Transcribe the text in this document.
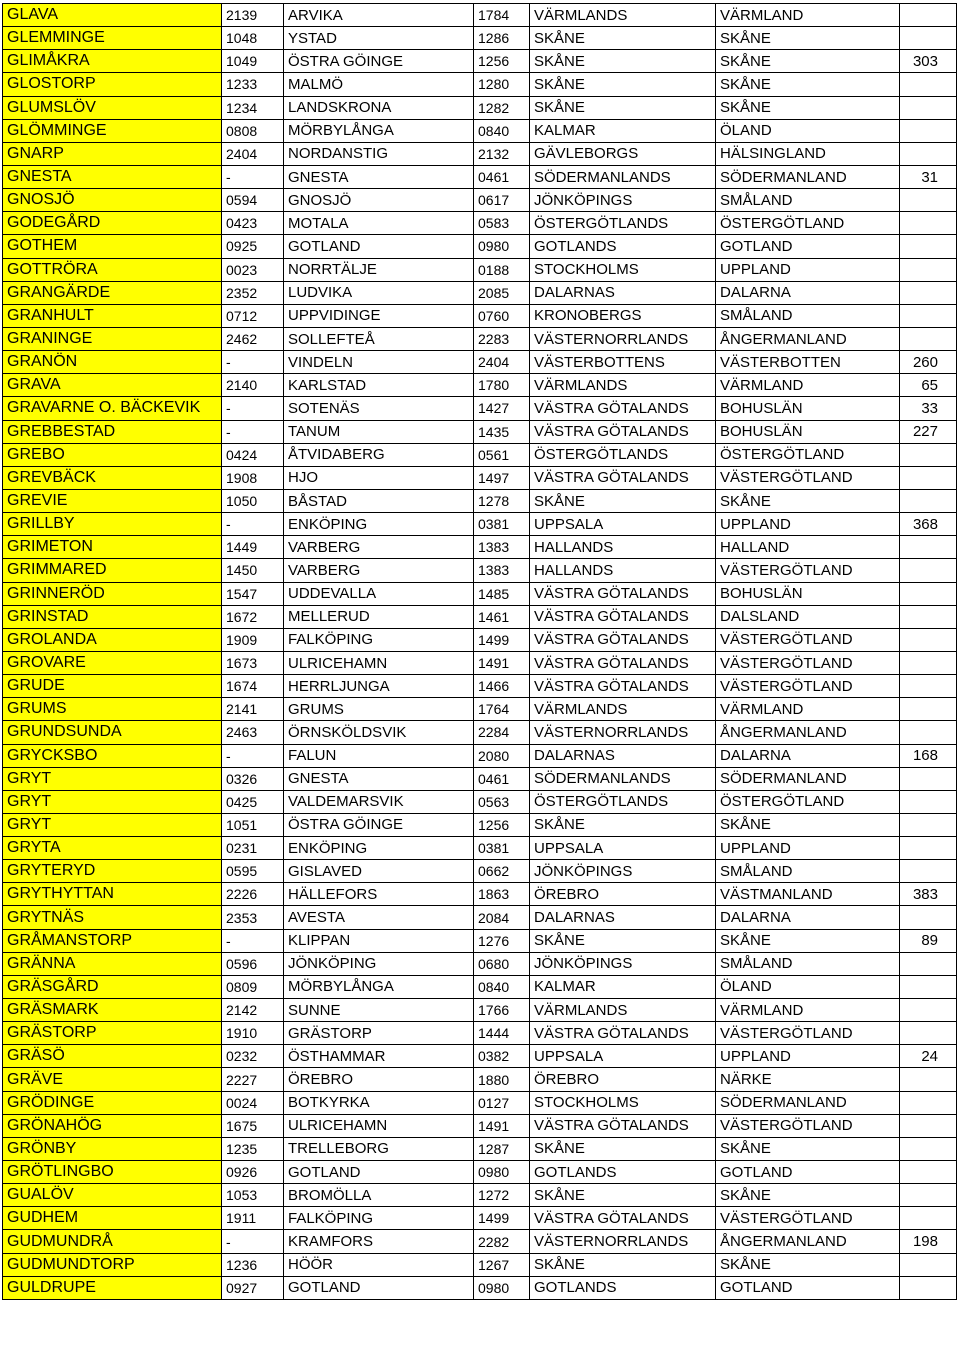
GLAVA	2139	ARVIKA	1784	VÄRMLANDS	VÄRMLAND	
GLEMMINGE	1048	YSTAD	1286	SKÅNE	SKÅNE	
GLIMÅKRA	1049	ÖSTRA GÖINGE	1256	SKÅNE	SKÅNE	303
GLOSTORP	1233	MALMÖ	1280	SKÅNE	SKÅNE	
GLUMSLÖV	1234	LANDSKRONA	1282	SKÅNE	SKÅNE	
GLÖMMINGE	0808	MÖRBYLÅNGA	0840	KALMAR	ÖLAND	
GNARP	2404	NORDANSTIG	2132	GÄVLEBORGS	HÄLSINGLAND	
GNESTA	-	GNESTA	0461	SÖDERMANLANDS	SÖDERMANLAND	31
GNOSJÖ	0594	GNOSJÖ	0617	JÖNKÖPINGS	SMÅLAND	
GODEGÅRD	0423	MOTALA	0583	ÖSTERGÖTLANDS	ÖSTERGÖTLAND	
GOTHEM	0925	GOTLAND	0980	GOTLANDS	GOTLAND	
GOTTRÖRA	0023	NORRTÄLJE	0188	STOCKHOLMS	UPPLAND	
GRANGÄRDE	2352	LUDVIKA	2085	DALARNAS	DALARNA	
GRANHULT	0712	UPPVIDINGE	0760	KRONOBERGS	SMÅLAND	
GRANINGE	2462	SOLLEFTEÅ	2283	VÄSTERNORRLANDS	ÅNGERMANLAND	
GRANÖN	-	VINDELN	2404	VÄSTERBOTTENS	VÄSTERBOTTEN	260
GRAVA	2140	KARLSTAD	1780	VÄRMLANDS	VÄRMLAND	65
GRAVARNE O. BÄCKEVIK	-	SOTENÄS	1427	VÄSTRA GÖTALANDS	BOHUSLÄN	33
GREBBESTAD	-	TANUM	1435	VÄSTRA GÖTALANDS	BOHUSLÄN	227
GREBO	0424	ÅTVIDABERG	0561	ÖSTERGÖTLANDS	ÖSTERGÖTLAND	
GREVBÄCK	1908	HJO	1497	VÄSTRA GÖTALANDS	VÄSTERGÖTLAND	
GREVIE	1050	BÅSTAD	1278	SKÅNE	SKÅNE	
GRILLBY	-	ENKÖPING	0381	UPPSALA	UPPLAND	368
GRIMETON	1449	VARBERG	1383	HALLANDS	HALLAND	
GRIMMARED	1450	VARBERG	1383	HALLANDS	VÄSTERGÖTLAND	
GRINNERÖD	1547	UDDEVALLA	1485	VÄSTRA GÖTALANDS	BOHUSLÄN	
GRINSTAD	1672	MELLERUD	1461	VÄSTRA GÖTALANDS	DALSLAND	
GROLANDA	1909	FALKÖPING	1499	VÄSTRA GÖTALANDS	VÄSTERGÖTLAND	
GROVARE	1673	ULRICEHAMN	1491	VÄSTRA GÖTALANDS	VÄSTERGÖTLAND	
GRUDE	1674	HERRLJUNGA	1466	VÄSTRA GÖTALANDS	VÄSTERGÖTLAND	
GRUMS	2141	GRUMS	1764	VÄRMLANDS	VÄRMLAND	
GRUNDSUNDA	2463	ÖRNSKÖLDSVIK	2284	VÄSTERNORRLANDS	ÅNGERMANLAND	
GRYCKSBO	-	FALUN	2080	DALARNAS	DALARNA	168
GRYT	0326	GNESTA	0461	SÖDERMANLANDS	SÖDERMANLAND	
GRYT	0425	VALDEMARSVIK	0563	ÖSTERGÖTLANDS	ÖSTERGÖTLAND	
GRYT	1051	ÖSTRA GÖINGE	1256	SKÅNE	SKÅNE	
GRYTA	0231	ENKÖPING	0381	UPPSALA	UPPLAND	
GRYTERYD	0595	GISLAVED	0662	JÖNKÖPINGS	SMÅLAND	
GRYTHYTTAN	2226	HÄLLEFORS	1863	ÖREBRO	VÄSTMANLAND	383
GRYTNÄS	2353	AVESTA	2084	DALARNAS	DALARNA	
GRÅMANSTORP	-	KLIPPAN	1276	SKÅNE	SKÅNE	89
GRÄNNA	0596	JÖNKÖPING	0680	JÖNKÖPINGS	SMÅLAND	
GRÄSGÅRD	0809	MÖRBYLÅNGA	0840	KALMAR	ÖLAND	
GRÄSMARK	2142	SUNNE	1766	VÄRMLANDS	VÄRMLAND	
GRÄSTORP	1910	GRÄSTORP	1444	VÄSTRA GÖTALANDS	VÄSTERGÖTLAND	
GRÄSÖ	0232	ÖSTHAMMAR	0382	UPPSALA	UPPLAND	24
GRÄVE	2227	ÖREBRO	1880	ÖREBRO	NÄRKE	
GRÖDINGE	0024	BOTKYRKA	0127	STOCKHOLMS	SÖDERMANLAND	
GRÖNAHÖG	1675	ULRICEHAMN	1491	VÄSTRA GÖTALANDS	VÄSTERGÖTLAND	
GRÖNBY	1235	TRELLEBORG	1287	SKÅNE	SKÅNE	
GRÖTLINGBO	0926	GOTLAND	0980	GOTLANDS	GOTLAND	
GUALÖV	1053	BROMÖLLA	1272	SKÅNE	SKÅNE	
GUDHEM	1911	FALKÖPING	1499	VÄSTRA GÖTALANDS	VÄSTERGÖTLAND	
GUDMUNDRÅ	-	KRAMFORS	2282	VÄSTERNORRLANDS	ÅNGERMANLAND	198
GUDMUNDTORP	1236	HÖÖR	1267	SKÅNE	SKÅNE	
GULDRUPE	0927	GOTLAND	0980	GOTLANDS	GOTLAND	
